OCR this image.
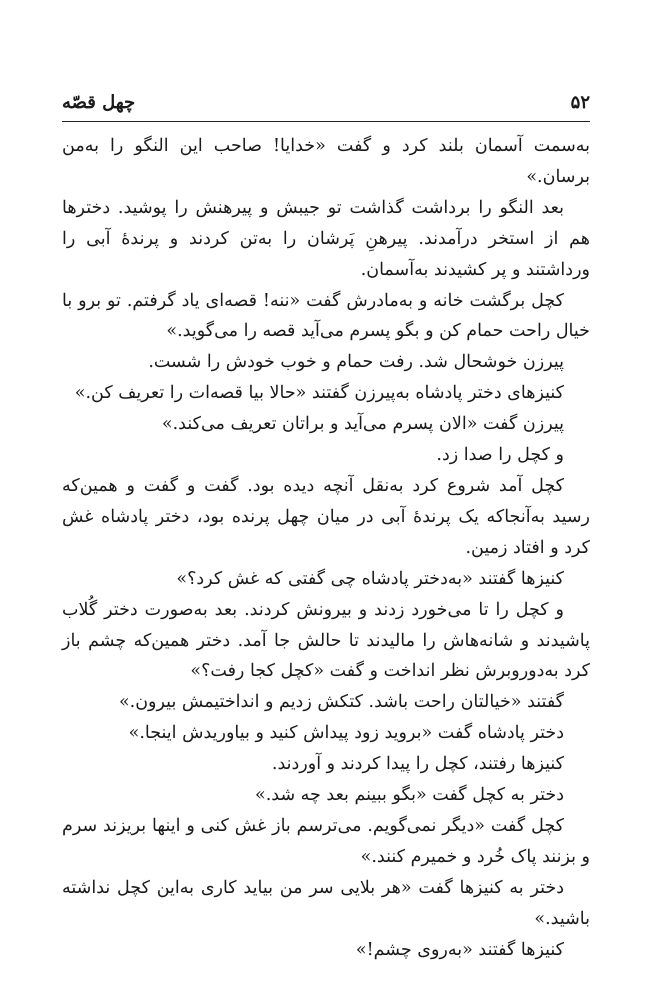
۵۲
چهل قصّه

به‌سمت آسمان بلند کرد و گفت «خدایا! صاحب این النگو را به‌من برسان.»

بعد النگو را برداشت گذاشت تو جیبش و پیرهنش را پوشید. دخترها هم از استخر درآمدند. پیرهنِ پَرشان را به‌تن کردند و پرندهٔ آبی را ورداشتند و پر کشیدند به‌آسمان.

کچل برگشت خانه و به‌مادرش گفت «ننه! قصه‌ای یاد گرفتم. تو برو با خیال راحت حمام کن و بگو پسرم می‌آید قصه را می‌گوید.»

پیرزن خوشحال شد. رفت حمام و خوب خودش را شست.

کنیزهای دختر پادشاه به‌پیرزن گفتند «حالا بیا قصه‌ات را تعریف کن.»

پیرزن گفت «الان پسرم می‌آید و براتان تعریف می‌کند.»

و کچل را صدا زد.

کچل آمد شروع کرد به‌نقل آنچه دیده بود. گفت و گفت و همین‌که رسید به‌آنجاکه یک پرندهٔ آبی در میان چهل پرنده بود، دختر پادشاه غش کرد و افتاد زمین.

کنیزها گفتند «به‌دختر پادشاه چی گفتی که غش کرد؟»

و کچل را تا می‌خورد زدند و بیرونش کردند. بعد به‌صورت دختر گُلاب پاشیدند و شانه‌هاش را مالیدند تا حالش جا آمد. دختر همین‌که چشم باز کرد به‌دوروبرش نظر انداخت و گفت «کچل کجا رفت؟»

گفتند «خیالتان راحت باشد. کتکش زدیم و انداختیمش بیرون.»

دختر پادشاه گفت «بروید زود پیداش کنید و بیاوریدش اینجا.»

کنیزها رفتند، کچل را پیدا کردند و آوردند.

دختر به کچل گفت «بگو ببینم بعد چه شد.»

کچل گفت «دیگر نمی‌گویم. می‌ترسم باز غش کنی و اینها بریزند سرم و بزنند پاک خُرد و خمیرم کنند.»

دختر به کنیزها گفت «هر بلایی سر من بیاید کاری به‌این کچل نداشته باشید.»

کنیزها گفتند «به‌روی چشم!»
